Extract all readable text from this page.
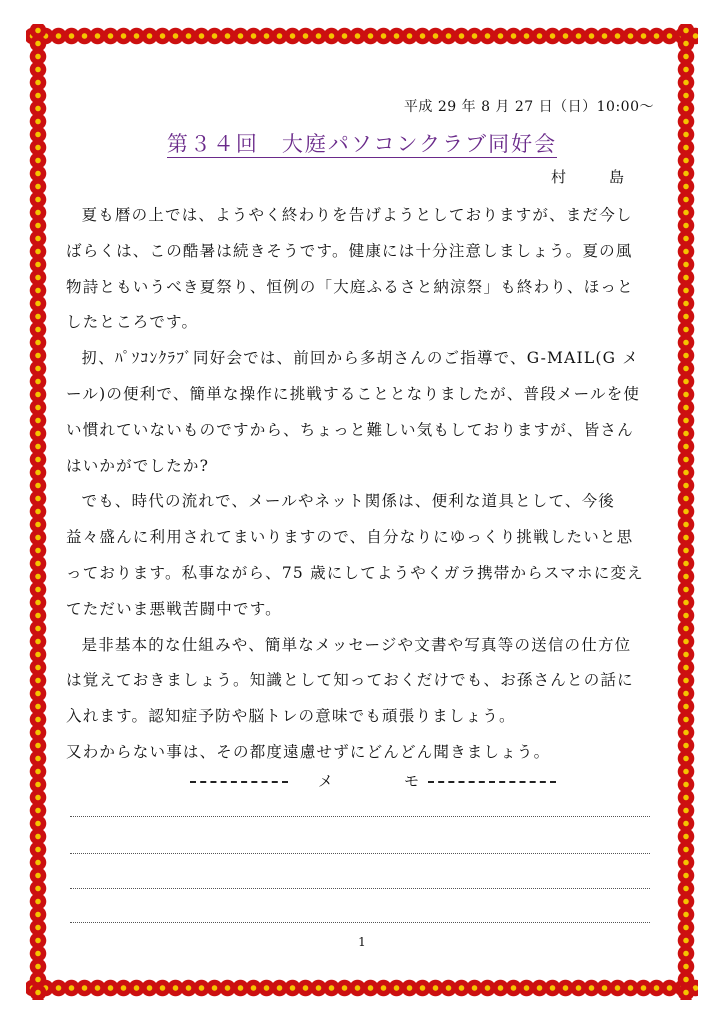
平成 29 年 8 月 27 日（日）10:00～
第３４回　大庭パソコンクラブ同好会
村　島

夏も暦の上では、ようやく終わりを告げようとしておりますが、まだ今しばらくは、この酷暑は続きそうです。健康には十分注意しましょう。夏の風物詩ともいうべき夏祭り、恒例の「大庭ふるさと納涼祭」も終わり、ほっとしたところです。

扨、ﾊﾟｿｺﾝｸﾗﾌﾞ同好会では、前回から多胡さんのご指導で、G-MAIL(G メール)の便利で、簡単な操作に挑戦することとなりましたが、普段メールを使い慣れていないものですから、ちょっと難しい気もしておりますが、皆さんはいかがでしたか?

でも、時代の流れで、メールやネット関係は、便利な道具として、今後益々盛んに利用されてまいりますので、自分なりにゆっくり挑戦したいと思っております。私事ながら、75 歳にしてようやくガラ携帯からスマホに変えてただいま悪戦苦闘中です。

是非基本的な仕組みや、簡単なメッセージや文書や写真等の送信の仕方位は覚えておきましょう。知識として知っておくだけでも、お孫さんとの話に入れます。認知症予防や脳トレの意味でも頑張りましょう。

又わからない事は、その都度遠慮せずにどんどん聞きましょう。

メ　モ
1
